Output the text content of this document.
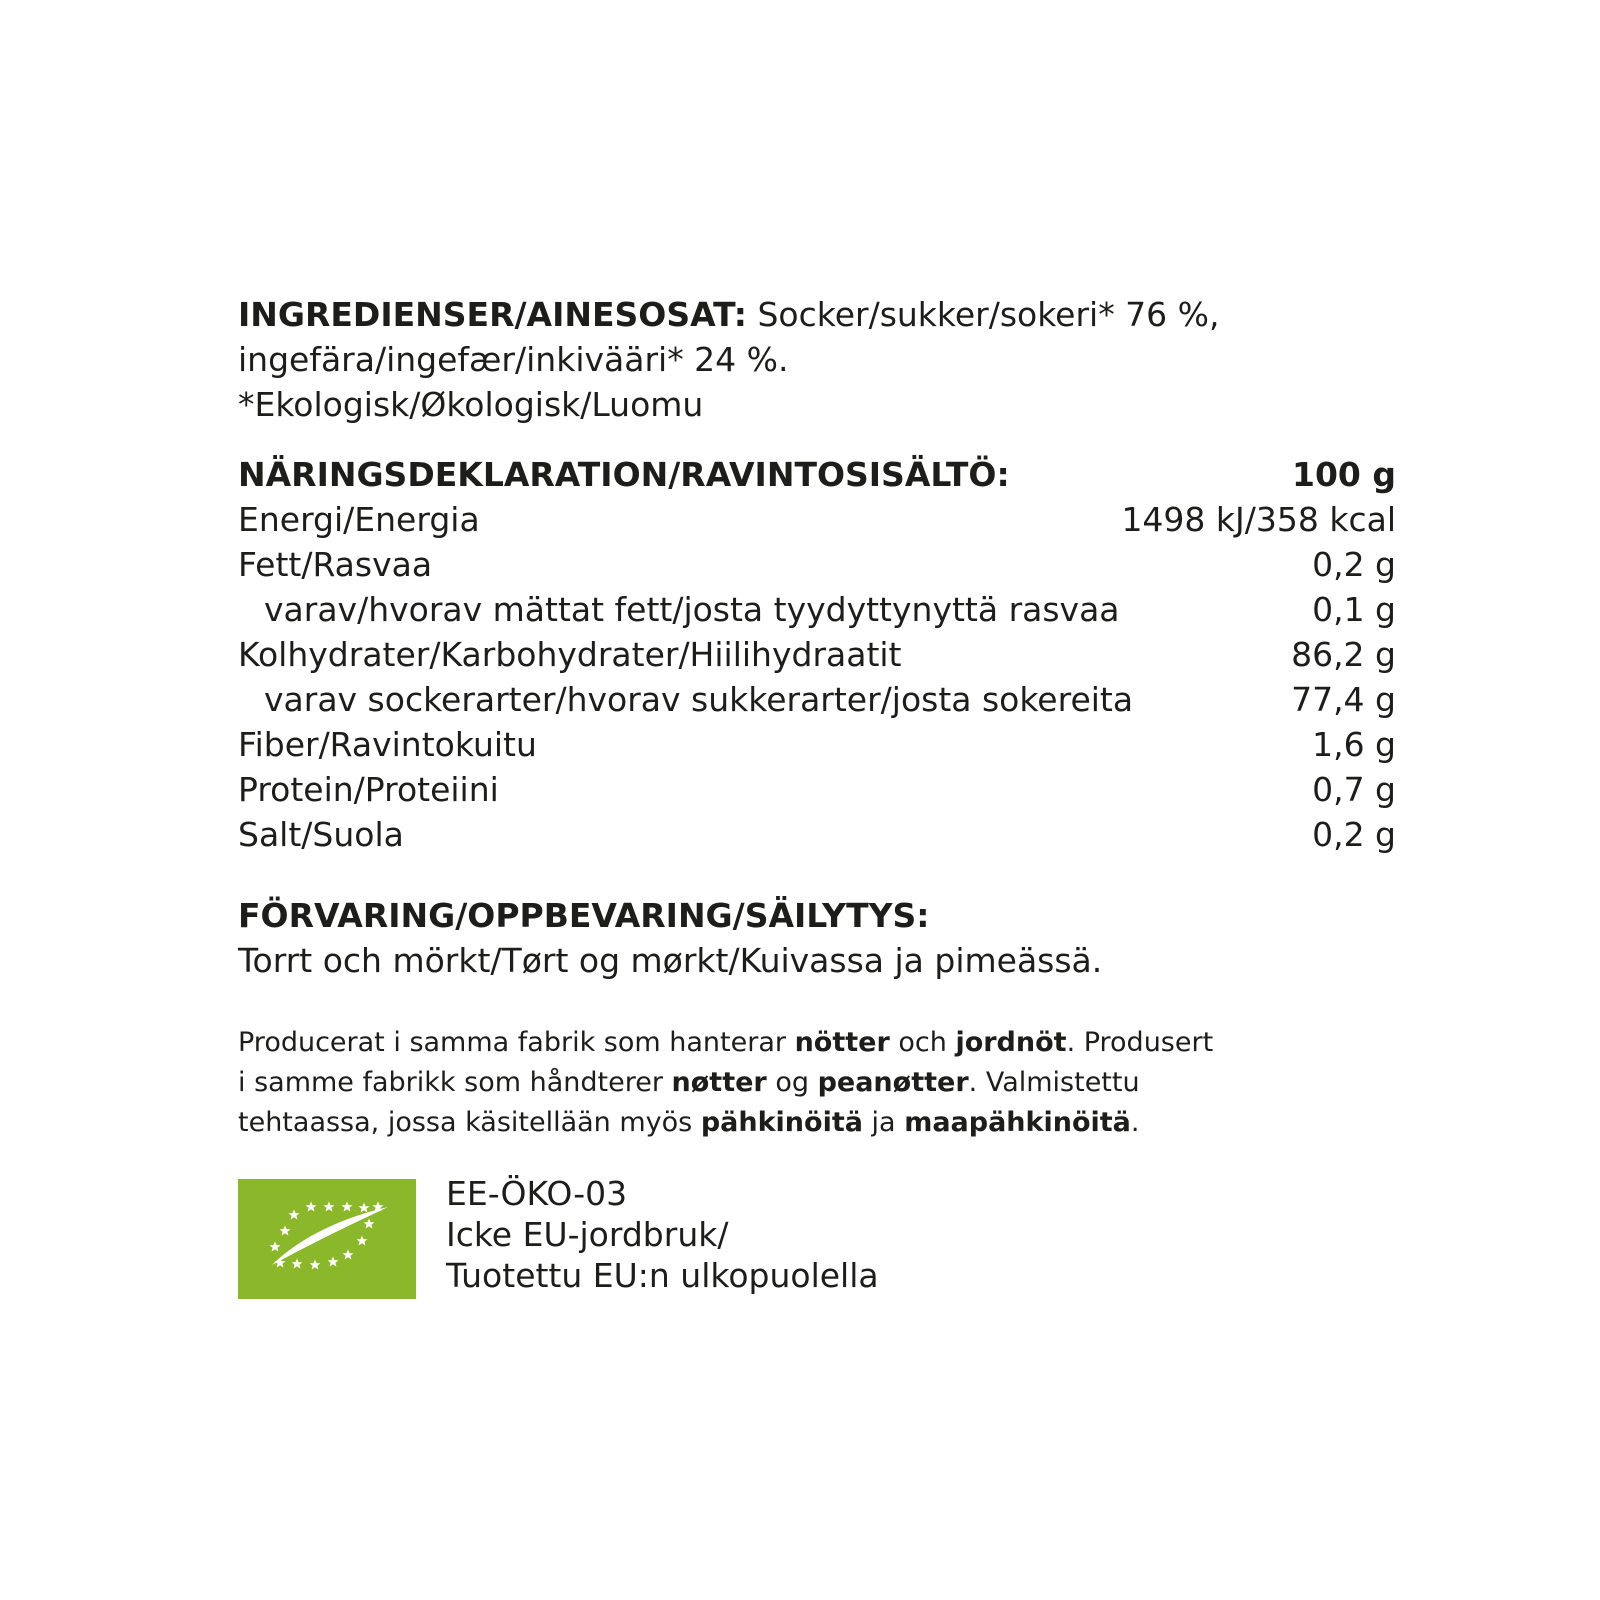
INGREDIENSER/AINESOSAT: Socker/sukker/sokeri* 76 %,
ingefära/ingefær/inkivääri* 24 %.
*Ekologisk/Økologisk/Luomu
NÄRINGSDEKLARATION/RAVINTOSISÄLTÖ:	100 g
Energi/Energia	1498 kJ/358 kcal
Fett/Rasvaa	0,2 g
varav/hvorav mättat fett/josta tyydyttynyttä rasvaa	0,1 g
Kolhydrater/Karbohydrater/Hiilihydraatit	86,2 g
varav sockerarter/hvorav sukkerarter/josta sokereita	77,4 g
Fiber/Ravintokuitu	1,6 g
Protein/Proteiini	0,7 g
Salt/Suola	0,2 g
FÖRVARING/OPPBEVARING/SÄILYTYS:
Torrt och mörkt/Tørt og mørkt/Kuivassa ja pimeässä.
Producerat i samma fabrik som hanterar nötter och jordnöt. Produsert
i samme fabrikk som håndterer nøtter og peanøtter. Valmistettu
tehtaassa, jossa käsitellään myös pähkinöitä ja maapähkinöitä.
EE-ÖKO-03
Icke EU-jordbruk/
Tuotettu EU:n ulkopuolella
